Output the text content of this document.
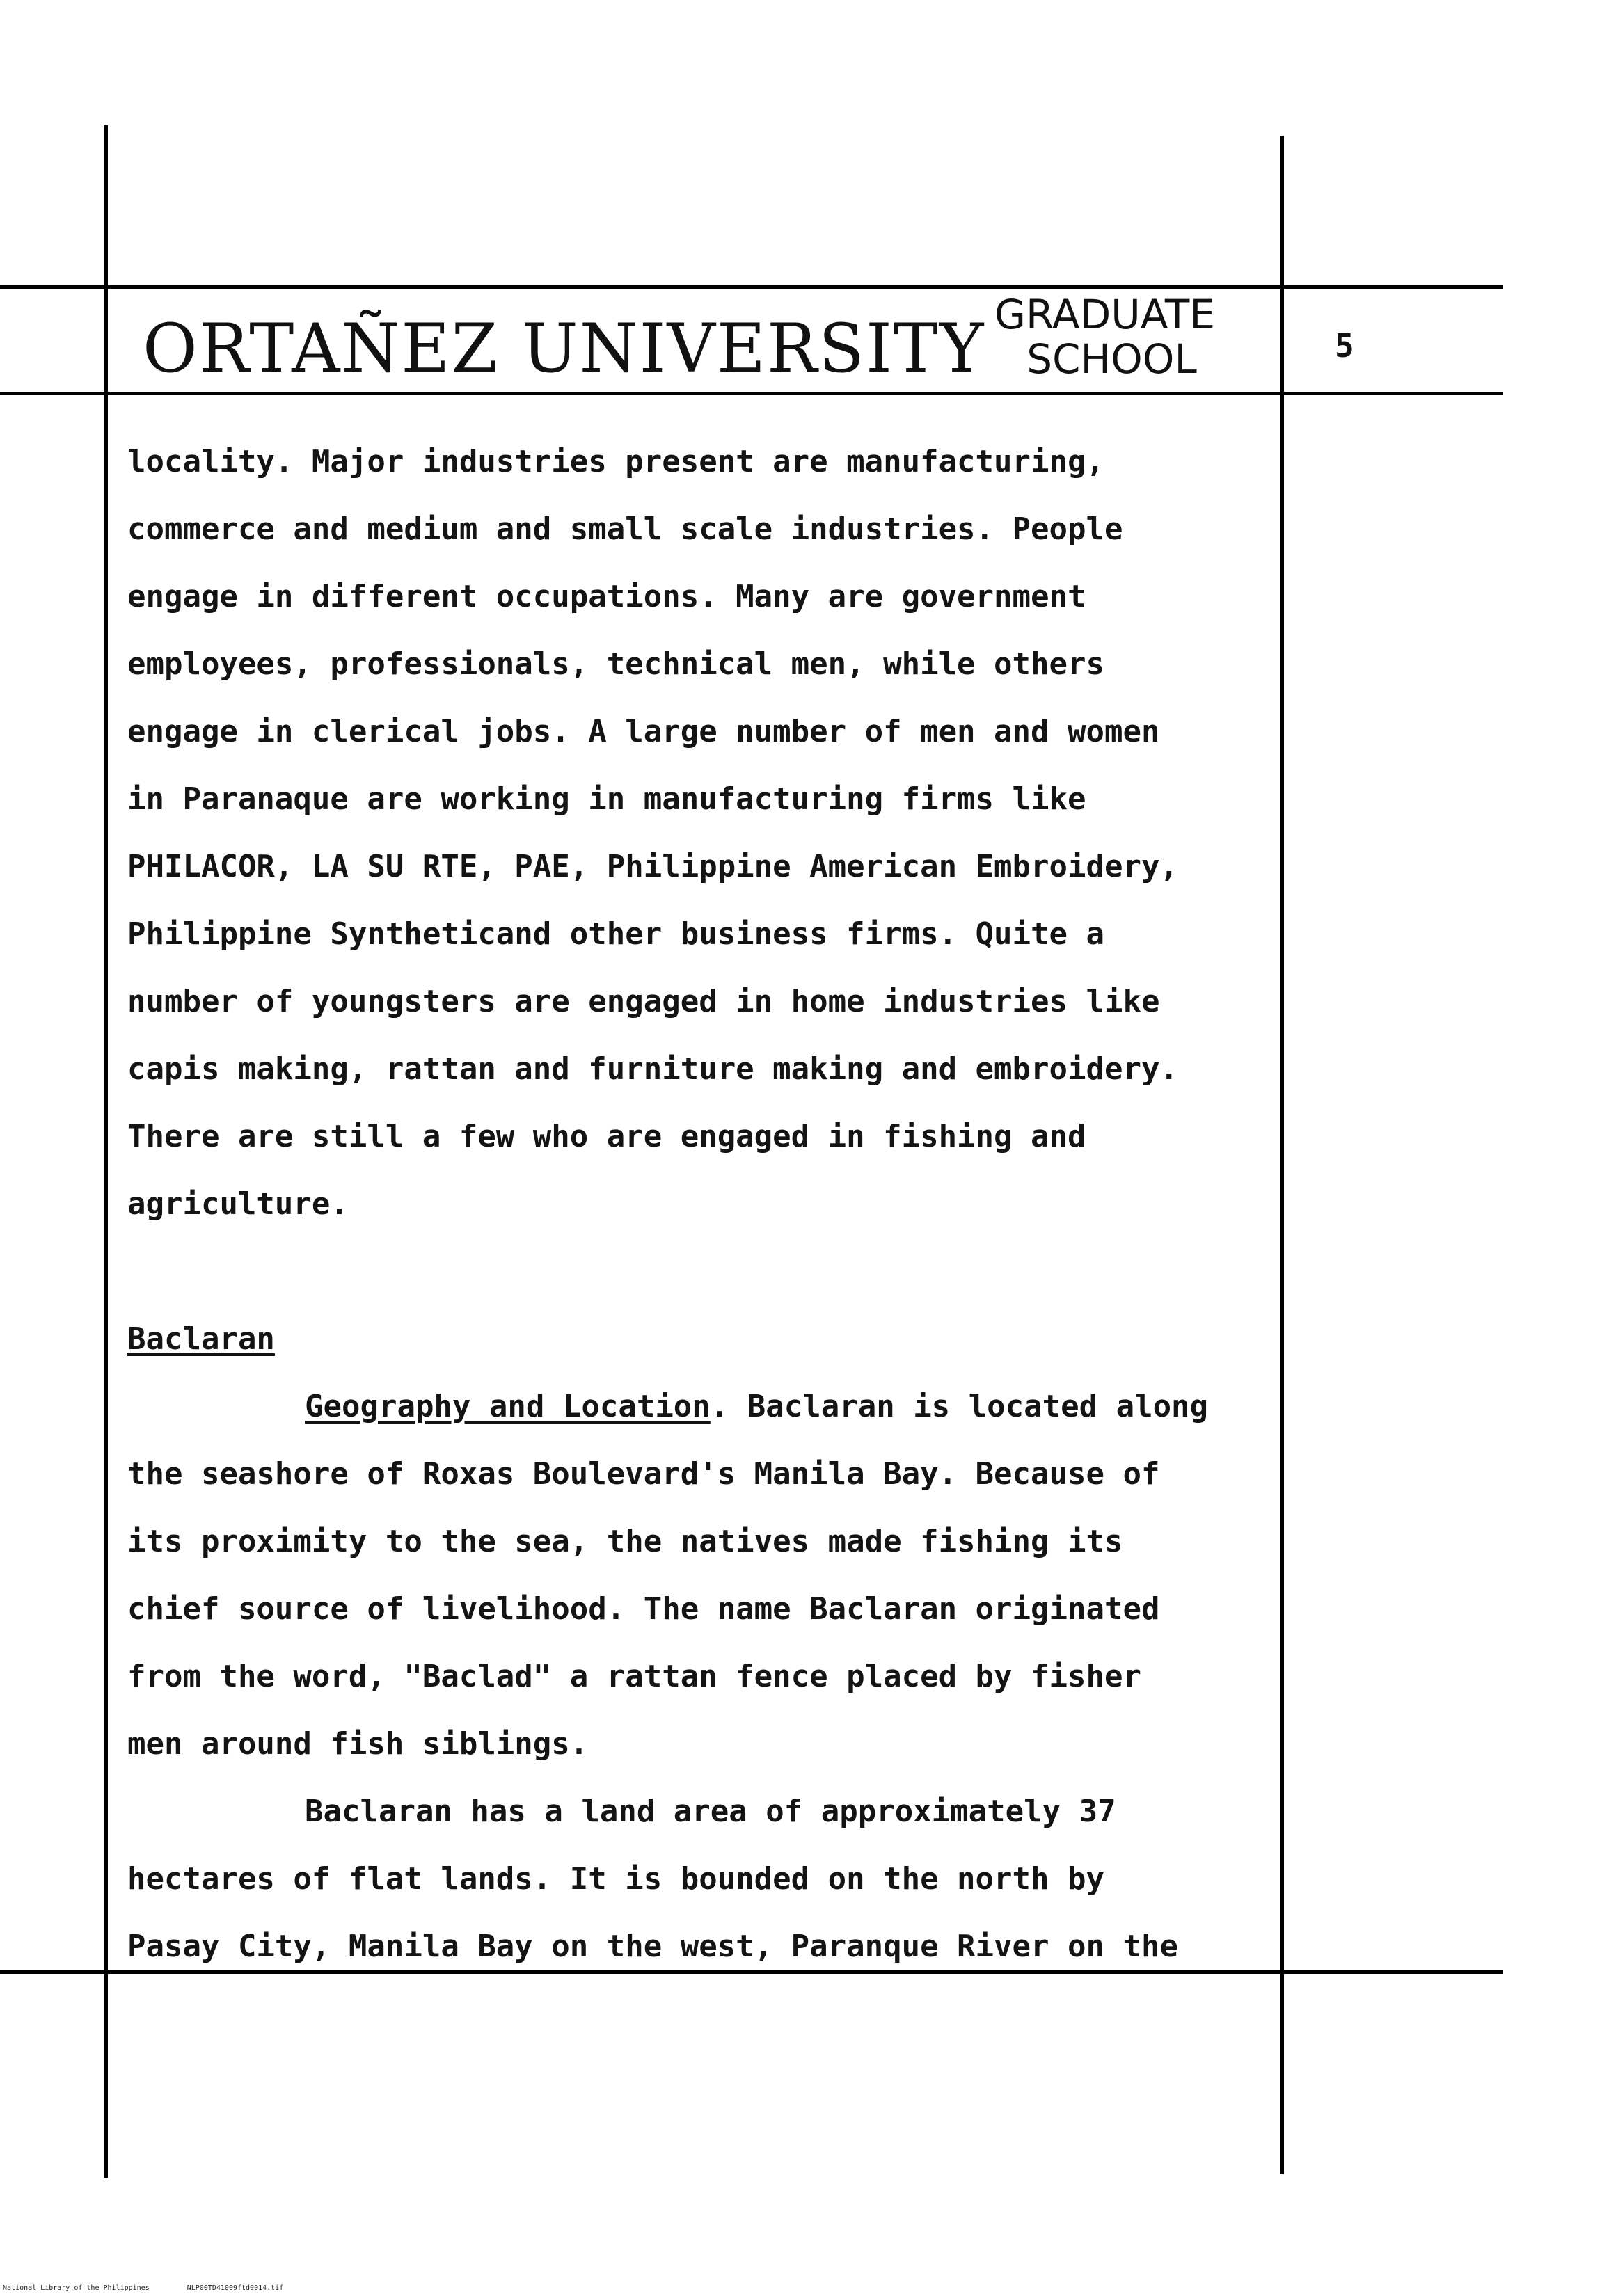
ORTAÑEZ UNIVERSITY GRADUATE
SCHOOL	5
locality. Major industries present are manufacturing,
commerce and medium and small scale industries. People
engage in different occupations. Many are government
employees, professionals, technical men, while others
engage in clerical jobs. A large number of men and women
in Paranaque are working in manufacturing firms like
PHILACOR, LA SU RTE, PAE, Philippine American Embroidery,
Philippine Syntheticand other business firms. Quite a
number of youngsters are engaged in home industries like
capis making, rattan and furniture making and embroidery.
There are still a few who are engaged in fishing and
agriculture.
Baclaran
Geography and Location. Baclaran is located along
the seashore of Roxas Boulevard's Manila Bay. Because of
its proximity to the sea, the natives made fishing its
chief source of livelihood. The name Baclaran originated
from the word, "Baclad" a rattan fence placed by fisher
men around fish siblings.
Baclaran has a land area of approximately 37
hectares of flat lands. It is bounded on the north by
Pasay City, Manila Bay on the west, Paranque River on the
National Library of the Philippines	NLP00TD41009ftd0014.tif
